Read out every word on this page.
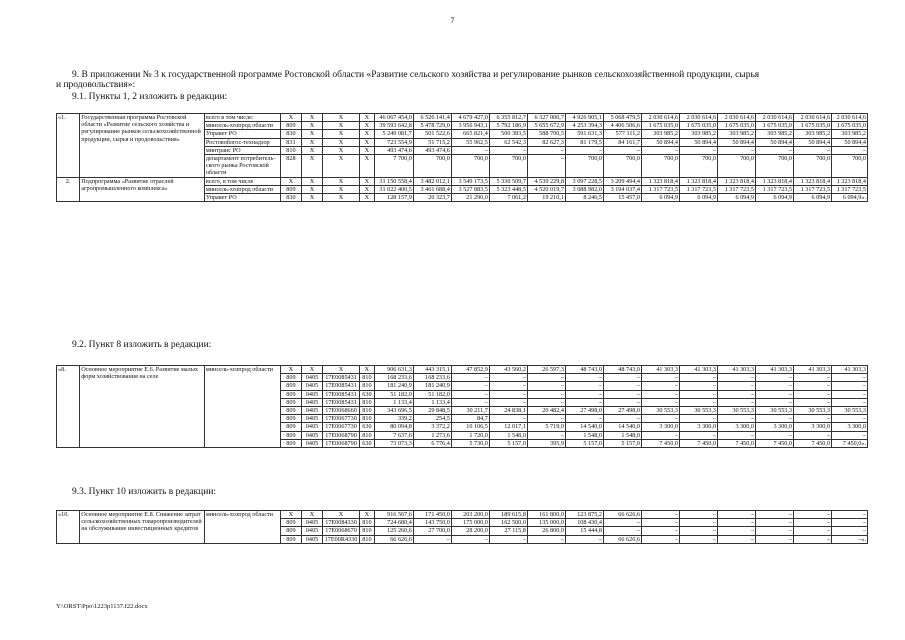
7
9. В приложении № 3 к государственной программе Ростовской области «Развитие сельского хозяйства и регулирование рынков сельскохозяйственной продукции, сырья
и продовольствия»:
9.1. Пункты 1, 2 изложить в редакции:
«1.	Государственная программа Ростовской области «Развитие сельского хозяйства и регулирование рынков сельскохозяйственной продукции, сырья и продовольствия»	всего в том числе:	X	X	X	X	46 067 454,0	6 526 141,4	4 679 427,0	6 355 812,7	6 327 000,7	4 926 905,1	5 068 479,5	2 030 614,6	2 030 614,6	2 030 614,6	2 030 614,6	2 030 614,6	2 030 614,6
		минсель-хозпрод области	809	X	X	X	39 593 642,8	5 478 729,0	3 956 943,1	5 792 186,9	5 655 672,9	4 253 394,3	4 406 506,6	1 675 035,0	1 675 035,0	1 675 035,0	1 675 035,0	1 675 035,0	1 675 035,0
		Управет РО	830	X	X	X	5 249 081,7	501 522,6	665 821,4	500 383,5	588 700,5	591 631,3	577 111,2	303 985,2	303 985,2	303 985,2	303 985,2	303 985,2	303 985,2
		Ростовоблгос-технадзор	831	X	X	X	723 554,9	51 715,2	55 962,5	62 542,3	82 627,3	81 179,5	84 161,7	50 894,4	50 894,4	50 894,4	50 894,4	50 894,4	50 894,4
		минтранс РО	810	X	X	X	493 474,6	493 474,6	–	–	–	–	–	–	–	–	–	–	–
		департамент потребитель-ского рынка Ростовской области	828	X	X	X	7 700,0	700,0	700,0	700,0	–	700,0	700,0	700,0	700,0	700,0	700,0	700,0	700,0
2.	Подпрограмма «Развитие отраслей агропромышленного комплекса»	всего, в том числе	X	X	X	X	31 150 558,4	3 482 012,1	3 549 173,5	5 330 509,7	4 539 229,8	3 097 228,5	3 209 494,4	1 323 818,4	1 323 818,4	1 323 818,4	1 323 818,4	1 323 818,4	1 323 818,4
		минсель-хозпрод области	809	X	X	X	31 022 400,5	3 461 688,4	3 527 883,5	5 323 448,5	4 520 019,7	3 088 982,0	3 194 037,4	1 317 723,5	1 317 723,5	1 317 723,5	1 317 723,5	1 317 723,5	1 317 723,5
		Управет РО	830	X	X	X	128 157,9	20 323,7	21 290,0	7 061,2	19 210,1	8 246,5	15 457,0	6 094,9	6 094,9	6 094,9	6 094,9	6 094,9	6 094,9».
9.2. Пункт 8 изложить в редакции:
«8.	Основное мероприятие Е.6. Развитие малых форм хозяйствования на селе	минсель-хозпрод области	X	X	X	X	906 631,3	443 315,1	47 852,9	43 560,2	26 597,3	48 743,0	48 743,0	41 303,3	41 303,3	41 303,3	41 303,3	41 303,3	41 303,3
			809	0405	17Е0085431	810	168 233,6	168 233,6	–	–	–	–	–	–	–	–	–	–	–
			809	0405	17Е0085431	810	181 240,9	181 240,9	–	–	–	–	–	–	–	–	–	–	–
			809	0405	17Е0085431	630	51 182,0	51 182,0	–	–	–	–	–	–	–	–	–	–	–
			809	0405	17Е0085431	810	1 133,4	1 133,4	–	–	–	–	–	–	–	–	–	–	–
			809	0405	17Е0068660	810	343 696,5	29 848,5	30 211,7	24 838,1	20 482,4	27 498,0	27 498,0	30 553,3	30 553,3	30 553,3	30 553,3	30 553,3	30 553,3
			809	0405	17Е0067730	810	339,2	254,5	84,7	–	–	–	–	–	–	–	–	–	–
			809	0405	17Е0067730	630	80 094,8	3 372,2	10 106,5	12 017,1	5 719,0	14 540,0	14 540,0	3 300,0	3 300,0	3 300,0	3 300,0	3 300,0	3 300,0
			809	0405	17Е0068790	810	7 637,6	1 273,6	1 720,0	1 548,0	–	1 548,0	1 548,0	–	–	–	–	–	–
			809	0405	17Е0068790	630	73 073,3	6 776,4	5 730,0	5 157,0	395,9	5 157,0	5 157,0	7 450,0	7 450,0	7 450,0	7 450,0	7 450,0	7 450,0».
9.3. Пункт 10 изложить в редакции:
«10.	Основное мероприятие Е.8. Снижение затрат сельскохозяйственных товаропроизводителей на обслуживание инвестиционных кредитов	минсель-хозпрод области	X	X	X	X	916 567,6	171 450,0	203 200,0	189 615,8	161 800,0	123 875,2	66 626,6	–	–	–	–	–	–
			809	0405	17Е0084330	810	724 680,4	143 750,0	175 000,0	162 500,0	135 000,0	108 430,4	–	–	–	–	–	–	–
			809	0405	17Е0068670	810	125 260,6	27 700,0	28 200,0	27 115,8	26 800,0	15 444,8	–	–	–	–	–	–	–
			809	0405	17Е00R4330	810	66 626,6	–	–	–	–	–	66 626,6	–	–	–	–	–	–».
Y:\ORST\Ppo\1223p1137.f22.docx
